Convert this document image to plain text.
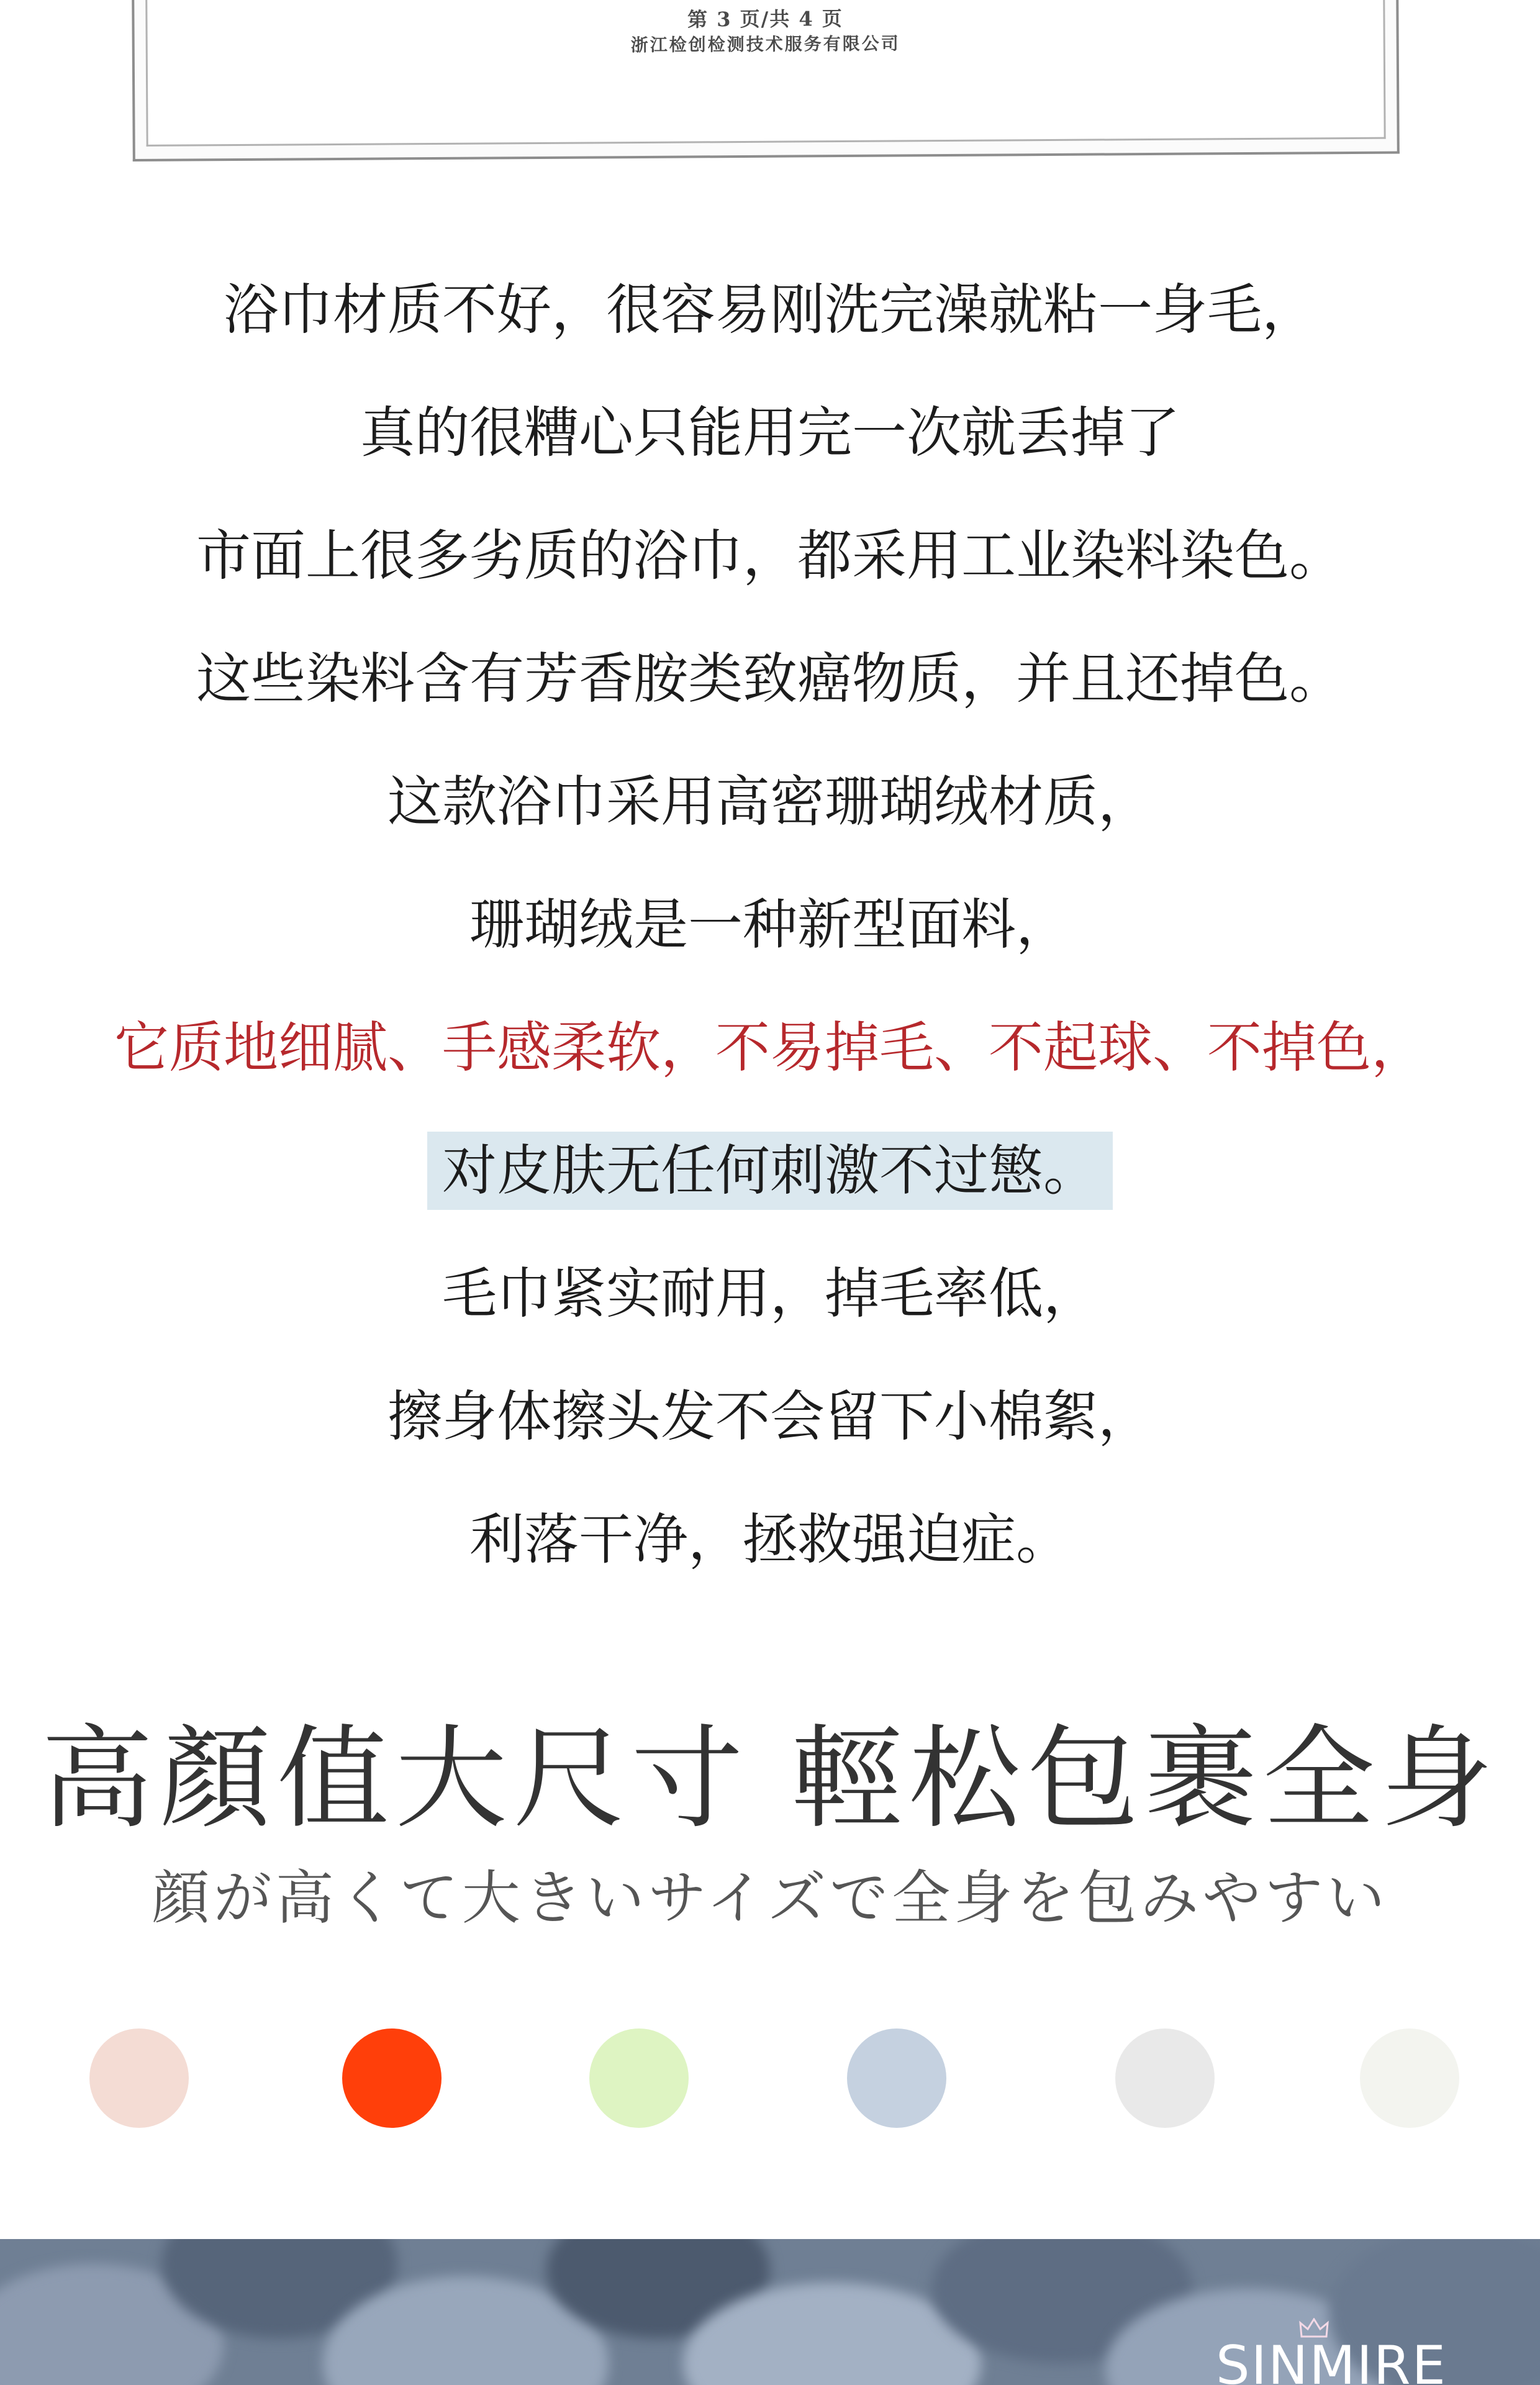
第 3 页/共 4 页
浙江检创检测技术服务有限公司
浴巾材质不好，很容易刚洗完澡就粘一身毛，
真的很糟心只能用完一次就丢掉了
市面上很多劣质的浴巾，都采用工业染料染色。
这些染料含有芳香胺类致癌物质，并且还掉色。
这款浴巾采用高密珊瑚绒材质，
珊瑚绒是一种新型面料，
它质地细腻、手感柔软，不易掉毛、不起球、不掉色，
对皮肤无任何刺激不过慜。
毛巾紧实耐用，掉毛率低，
擦身体擦头发不会留下小棉絮，
利落干净，拯救强迫症。
高顏值大尺寸 輕松包裹全身
顔が高くて大きいサイズで全身を包みやすい
SINMIRE
